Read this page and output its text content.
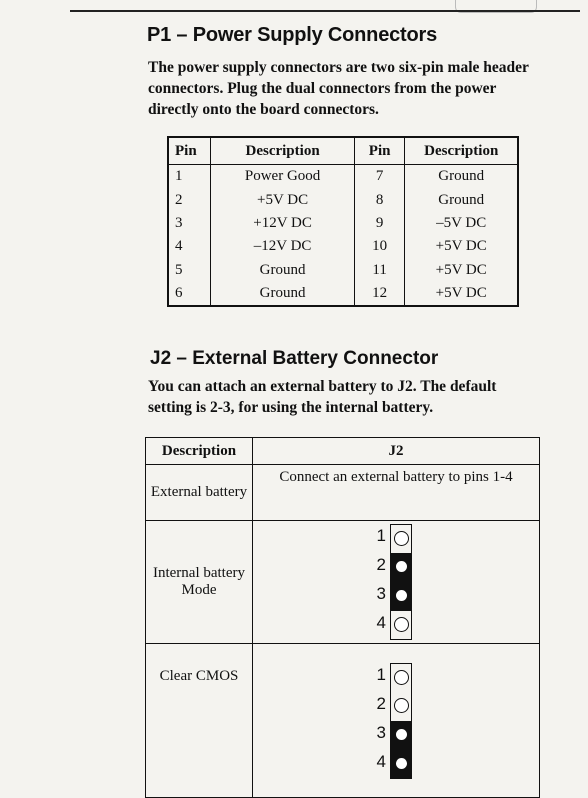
P1 – Power Supply Connectors

The power supply connectors are two six-pin male header connectors. Plug the dual connectors from the power directly onto the board connectors.

Pin	Description	Pin	Description
1	Power Good	7	Ground
2	+5V DC	8	Ground
3	+12V DC	9	–5V DC
4	–12V DC	10	+5V DC
5	Ground	11	+5V DC
6	Ground	12	+5V DC
J2 – External Battery Connector

You can attach an external battery to J2. The default setting is 2-3, for using the internal battery.

Description	J2
External battery	Connect an external battery to pins 1-4
Internal battery Mode	1
2
3
4

Clear CMOS	1
2
3
4
